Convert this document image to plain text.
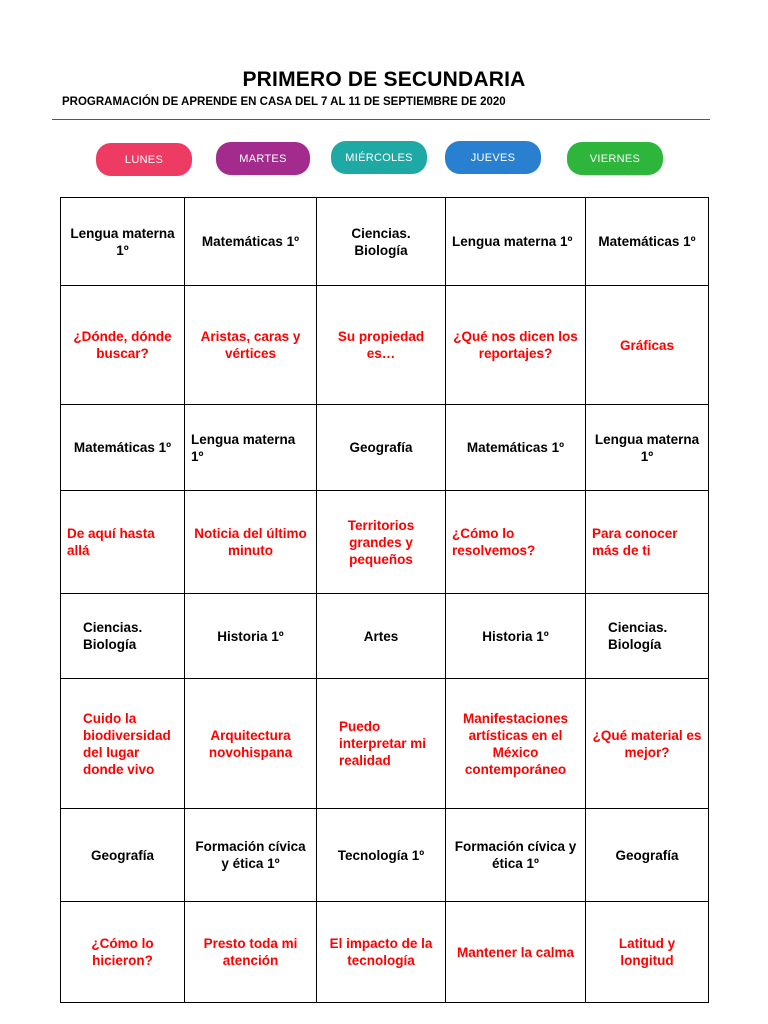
PRIMERO DE SECUNDARIA
PROGRAMACIÓN DE APRENDE EN CASA DEL 7 AL 11 DE SEPTIEMBRE DE 2020
LUNES	MARTES	MIÉRCOLES	JUEVES	VIERNES
Lengua materna 1º	Matemáticas 1º	Ciencias. Biología	Lengua materna 1º	Matemáticas 1º
¿Dónde, dónde buscar?	Aristas, caras y vértices	Su propiedad es…	¿Qué nos dicen los reportajes?	Gráficas
Matemáticas 1º	Lengua materna 1º	Geografía	Matemáticas 1º	Lengua materna 1º
De aquí hasta allá	Noticia del último minuto	Territorios grandes y pequeños	¿Cómo lo resolvemos?	Para conocer más de ti
Ciencias. Biología	Historia 1º	Artes	Historia 1º	Ciencias. Biología
Cuido la biodiversidad del lugar donde vivo	Arquitectura novohispana	Puedo interpretar mi realidad	Manifestaciones artísticas en el México contemporáneo	¿Qué material es mejor?
Geografía	Formación cívica y ética 1º	Tecnología 1º	Formación cívica y ética 1º	Geografía
¿Cómo lo hicieron?	Presto toda mi atención	El impacto de la tecnología	Mantener la calma	Latitud y longitud
